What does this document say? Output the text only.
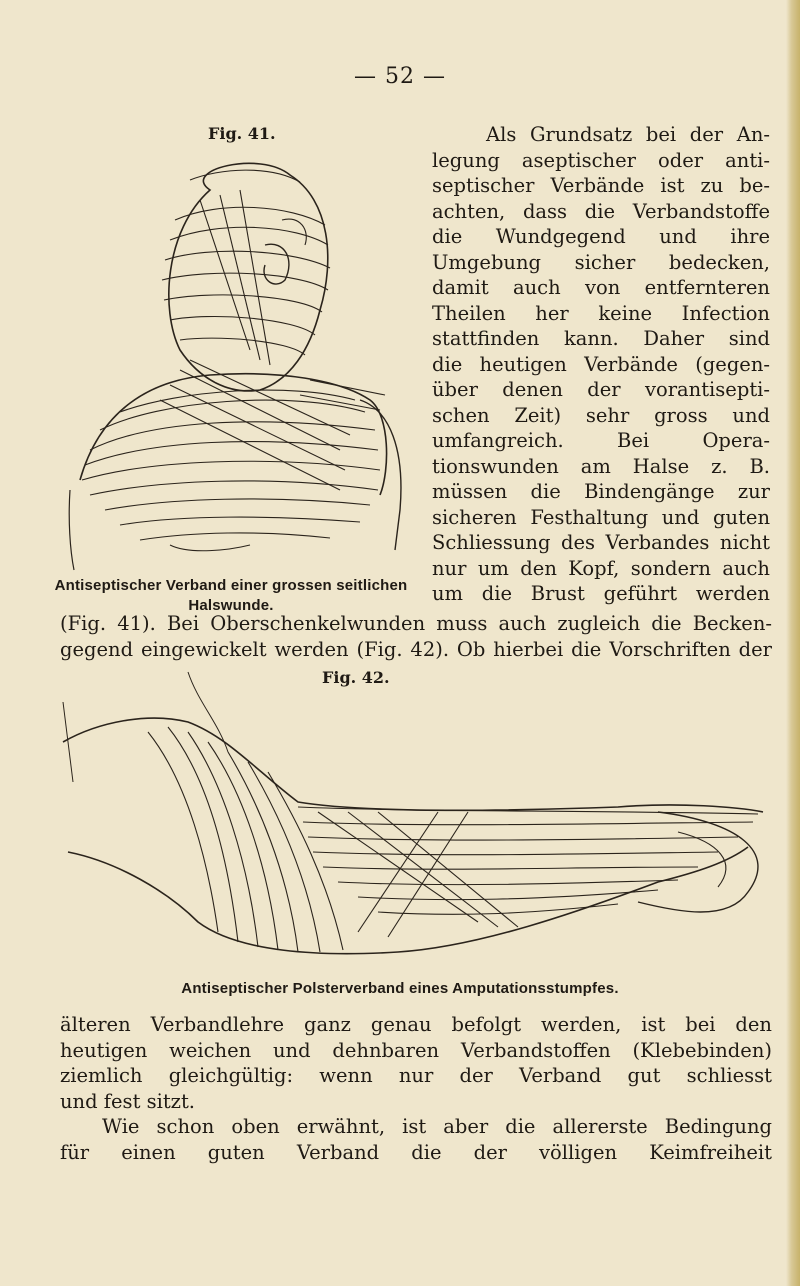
— 52 —
Fig. 41.
Antiseptischer Verband einer grossen seitlichen
Halswunde.
Als Grundsatz bei der An-
legung aseptischer oder anti-
septischer Verbände ist zu be-
achten, dass die Verbandstoffe
die Wundgegend und ihre
Umgebung sicher bedecken,
damit auch von entfernteren
Theilen her keine Infection
stattfinden kann. Daher sind
die heutigen Verbände (gegen-
über denen der vorantisepti-
schen Zeit) sehr gross und
umfangreich. Bei Opera-
tionswunden am Halse z. B.
müssen die Bindengänge zur
sicheren Festhaltung und guten
Schliessung des Verbandes nicht
nur um den Kopf, sondern auch
um die Brust geführt werden
(Fig. 41). Bei Oberschenkelwunden muss auch zugleich die Becken-
gegend eingewickelt werden (Fig. 42). Ob hierbei die Vorschriften der
Fig. 42.
Antiseptischer Polsterverband eines Amputationsstumpfes.
älteren Verbandlehre ganz genau befolgt werden, ist bei den
heutigen weichen und dehnbaren Verbandstoffen (Klebebinden)
ziemlich gleichgültig: wenn nur der Verband gut schliesst
und fest sitzt.
Wie schon oben erwähnt, ist aber die allererste Bedingung
für einen guten Verband die der völligen Keimfreiheit
